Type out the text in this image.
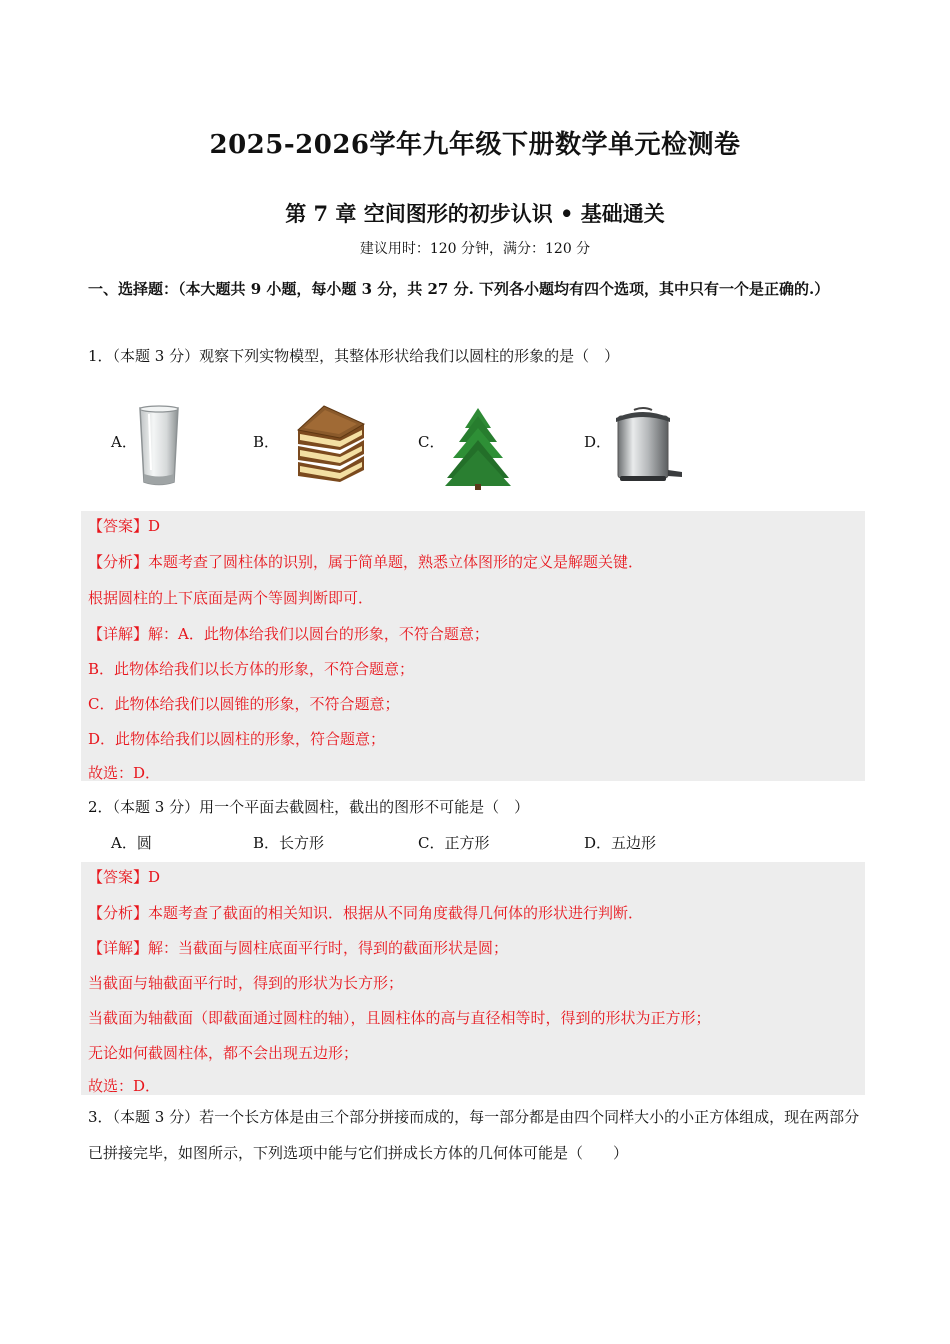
2025-2026学年九年级下册数学单元检测卷
第 7 章 空间图形的初步认识 • 基础通关
建议用时：120 分钟，满分：120 分
一、选择题：（本大题共 9 小题，每小题 3 分，共 27 分. 下列各小题均有四个选项，其中只有一个是正确的.）
1．（本题 3 分）观察下列实物模型，其整体形状给我们以圆柱的形象的是（　）
A．	B．	C．	D．
【答案】D
【分析】本题考查了圆柱体的识别，属于简单题，熟悉立体图形的定义是解题关键．
根据圆柱的上下底面是两个等圆判断即可．
【详解】解：A．此物体给我们以圆台的形象，不符合题意；
B．此物体给我们以长方体的形象，不符合题意；
C．此物体给我们以圆锥的形象，不符合题意；
D．此物体给我们以圆柱的形象，符合题意；
故选：D．
2．（本题 3 分）用一个平面去截圆柱，截出的图形不可能是（　）
A．圆	B．长方形	C．正方形	D．五边形
【答案】D
【分析】本题考查了截面的相关知识．根据从不同角度截得几何体的形状进行判断．
【详解】解：当截面与圆柱底面平行时，得到的截面形状是圆；
当截面与轴截面平行时，得到的形状为长方形；
当截面为轴截面（即截面通过圆柱的轴），且圆柱体的高与直径相等时，得到的形状为正方形；
无论如何截圆柱体，都不会出现五边形；
故选：D．
3．（本题 3 分）若一个长方体是由三个部分拼接而成的，每一部分都是由四个同样大小的小正方体组成，现在两部分已拼接完毕，如图所示，下列选项中能与它们拼成长方体的几何体可能是（　　）
